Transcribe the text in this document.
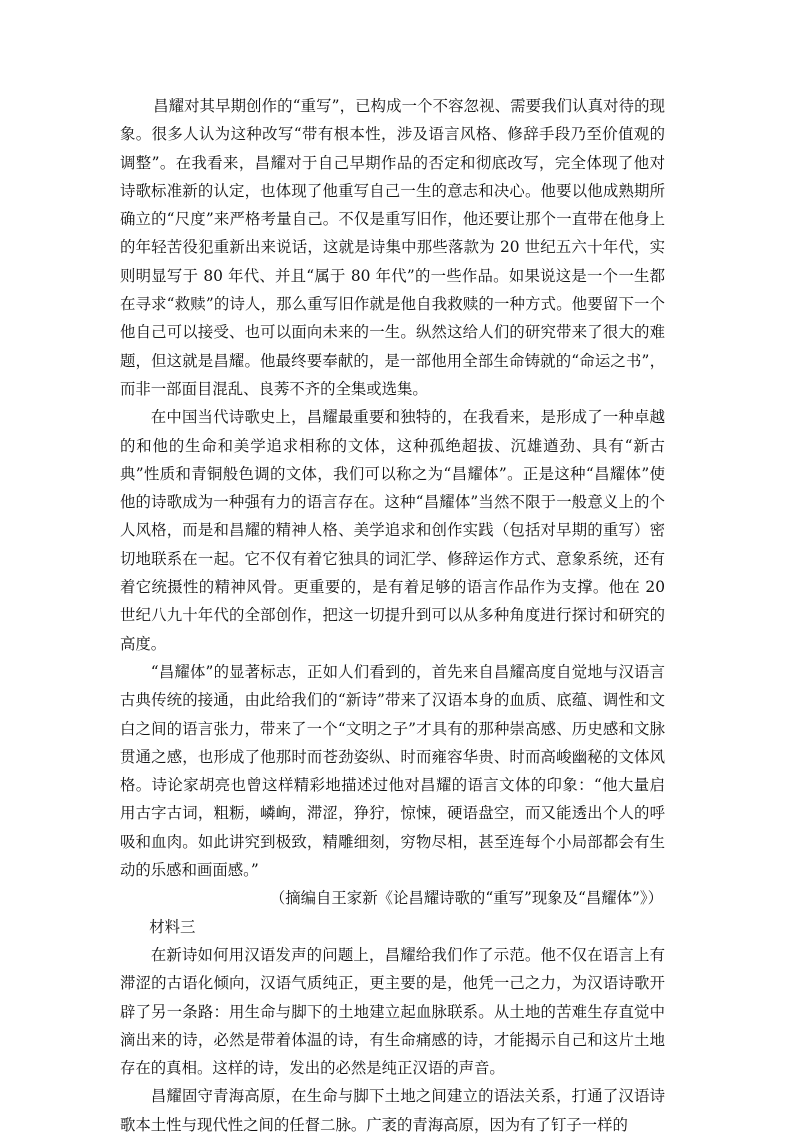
昌耀对其早期创作的“重写”，已构成一个不容忽视、需要我们认真对待的现象。很多人认为这种改写“带有根本性，涉及语言风格、修辞手段乃至价值观的调整”。在我看来，昌耀对于自己早期作品的否定和彻底改写，完全体现了他对诗歌标准新的认定，也体现了他重写自己一生的意志和决心。他要以他成熟期所确立的“尺度”来严格考量自己。不仅是重写旧作，他还要让那个一直带在他身上的年轻苦役犯重新出来说话，这就是诗集中那些落款为 20 世纪五六十年代，实则明显写于 80 年代、并且“属于 80 年代”的一些作品。如果说这是一个一生都在寻求“救赎”的诗人，那么重写旧作就是他自我救赎的一种方式。他要留下一个他自己可以接受、也可以面向未来的一生。纵然这给人们的研究带来了很大的难题，但这就是昌耀。他最终要奉献的，是一部他用全部生命铸就的“命运之书”，而非一部面目混乱、良莠不齐的全集或选集。

在中国当代诗歌史上，昌耀最重要和独特的，在我看来，是形成了一种卓越的和他的生命和美学追求相称的文体，这种孤绝超拔、沉雄遒劲、具有“新古典”性质和青铜般色调的文体，我们可以称之为“昌耀体”。正是这种“昌耀体”使他的诗歌成为一种强有力的语言存在。这种“昌耀体”当然不限于一般意义上的个人风格，而是和昌耀的精神人格、美学追求和创作实践（包括对早期的重写）密切地联系在一起。它不仅有着它独具的词汇学、修辞运作方式、意象系统，还有着它统摄性的精神风骨。更重要的，是有着足够的语言作品作为支撑。他在 20 世纪八九十年代的全部创作，把这一切提升到可以从多种角度进行探讨和研究的高度。

“昌耀体”的显著标志，正如人们看到的，首先来自昌耀高度自觉地与汉语言古典传统的接通，由此给我们的“新诗”带来了汉语本身的血质、底蕴、调性和文白之间的语言张力，带来了一个“文明之子”才具有的那种崇高感、历史感和文脉贯通之感，也形成了他那时而苍劲姿纵、时而雍容华贵、时而高峻幽秘的文体风格。诗论家胡亮也曾这样精彩地描述过他对昌耀的语言文体的印象：“他大量启用古字古词，粗粝，嶙峋，滞涩，狰狞，惊悚，硬语盘空，而又能透出个人的呼吸和血肉。如此讲究到极致，精雕细刻，穷物尽相，甚至连每个小局部都会有生动的乐感和画面感。”

（摘编自王家新《论昌耀诗歌的“重写”现象及“昌耀体”》）

材料三

在新诗如何用汉语发声的问题上，昌耀给我们作了示范。他不仅在语言上有滞涩的古语化倾向，汉语气质纯正，更主要的是，他凭一己之力，为汉语诗歌开辟了另一条路：用生命与脚下的土地建立起血脉联系。从土地的苦难生存直觉中滴出来的诗，必然是带着体温的诗，有生命痛感的诗，才能揭示自己和这片土地存在的真相。这样的诗，发出的必然是纯正汉语的声音。

昌耀固守青海高原，在生命与脚下土地之间建立的语法关系，打通了汉语诗歌本土性与现代性之间的任督二脉。广袤的青海高原，因为有了钉子一样的
